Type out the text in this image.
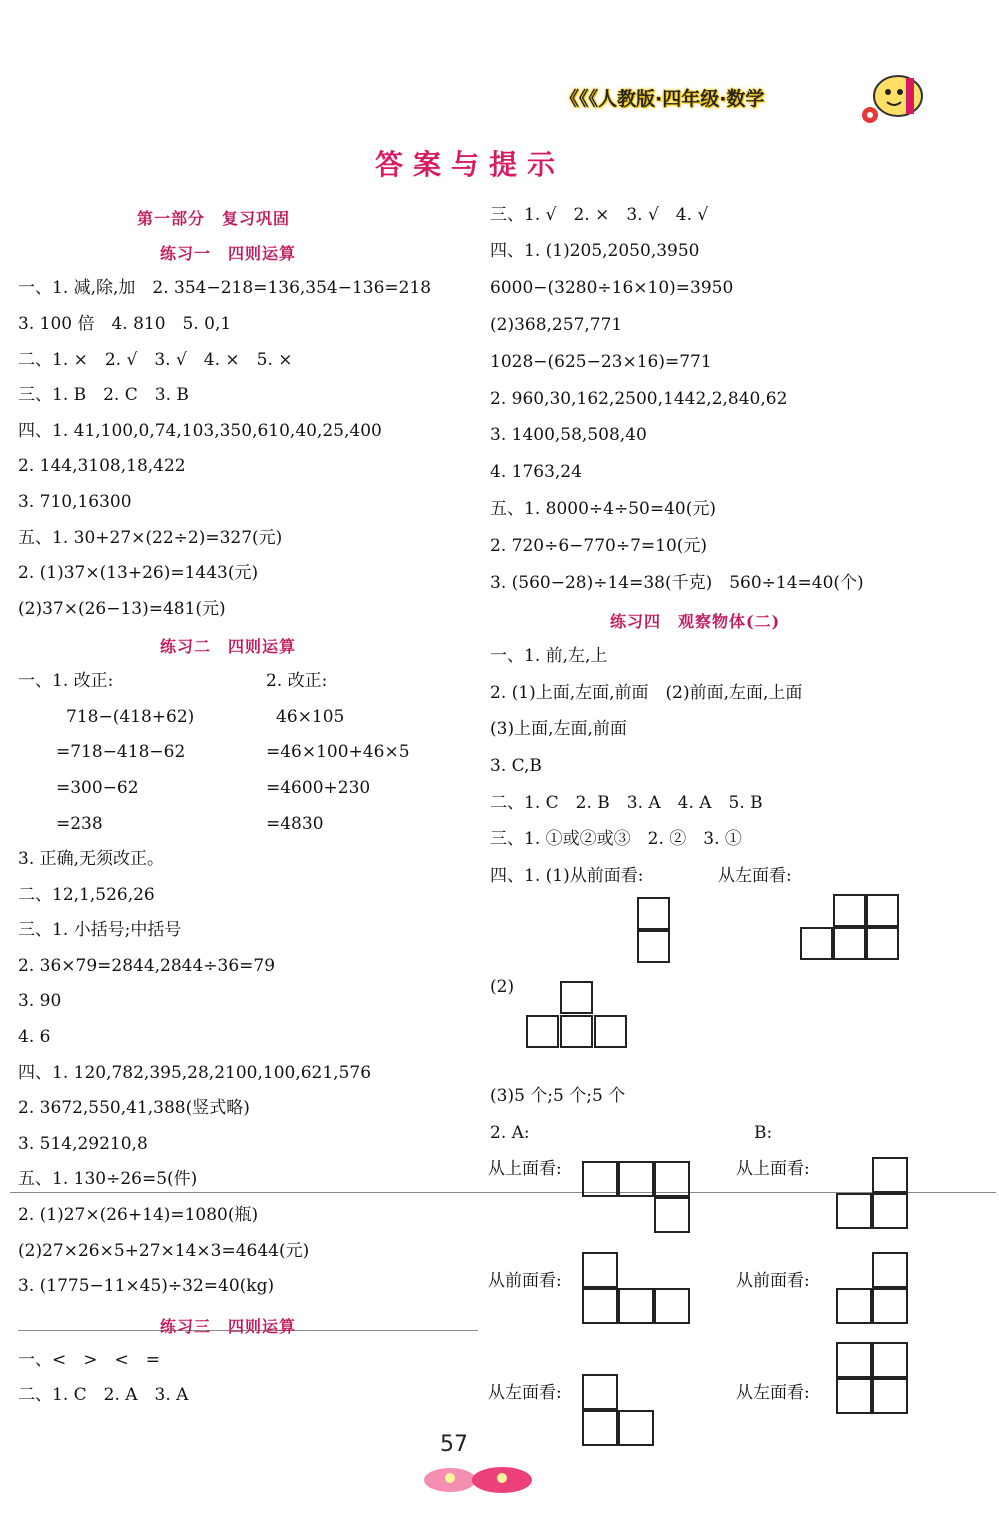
《《《人教版·四年级·数学
答案与提示
第一部分　复习巩固
练习一　四则运算
一、1. 减,除,加　2. 354−218=136,354−136=218
3. 100 倍　4. 810　5. 0,1
二、1. ×　2. √　3. √　4. ×　5. ×
三、1. B　2. C　3. B
四、1. 41,100,0,74,103,350,610,40,25,400
2. 144,3108,18,422
3. 710,16300
五、1. 30+27×(22÷2)=327(元)
2. (1)37×(13+26)=1443(元)
(2)37×(26−13)=481(元)
练习二　四则运算
一、1. 改正:
718−(418+62)
=718−418−62
=300−62
=238
2. 改正:
46×105
=46×100+46×5
=4600+230
=4830
3. 正确,无须改正。
二、12,1,526,26
三、1. 小括号;中括号
2. 36×79=2844,2844÷36=79
3. 90
4. 6
四、1. 120,782,395,28,2100,100,621,576
2. 3672,550,41,388(竖式略)
3. 514,29210,8
五、1. 130÷26=5(件)
2. (1)27×(26+14)=1080(瓶)
(2)27×26×5+27×14×3=4644(元)
3. (1775−11×45)÷32=40(kg)
练习三　四则运算
一、<　>　<　=
二、1. C　2. A　3. A
三、1. √　2. ×　3. √　4. √
四、1. (1)205,2050,3950
6000−(3280÷16×10)=3950
(2)368,257,771
1028−(625−23×16)=771
2. 960,30,162,2500,1442,2,840,62
3. 1400,58,508,40
4. 1763,24
五、1. 8000÷4÷50=40(元)
2. 720÷6−770÷7=10(元)
3. (560−28)÷14=38(千克)　560÷14=40(个)
练习四　观察物体(二)
一、1. 前,左,上
2. (1)上面,左面,前面　(2)前面,左面,上面
(3)上面,左面,前面
3. C,B
二、1. C　2. B　3. A　4. A　5. B
三、1. ①或②或③　2. ②　3. ①
四、1. (1)从前面看:	从左面看:
(2)
(3)5 个;5 个;5 个
2. A:	B:
从上面看:	从上面看:
从前面看:	从前面看:
从左面看:	从左面看:
57
